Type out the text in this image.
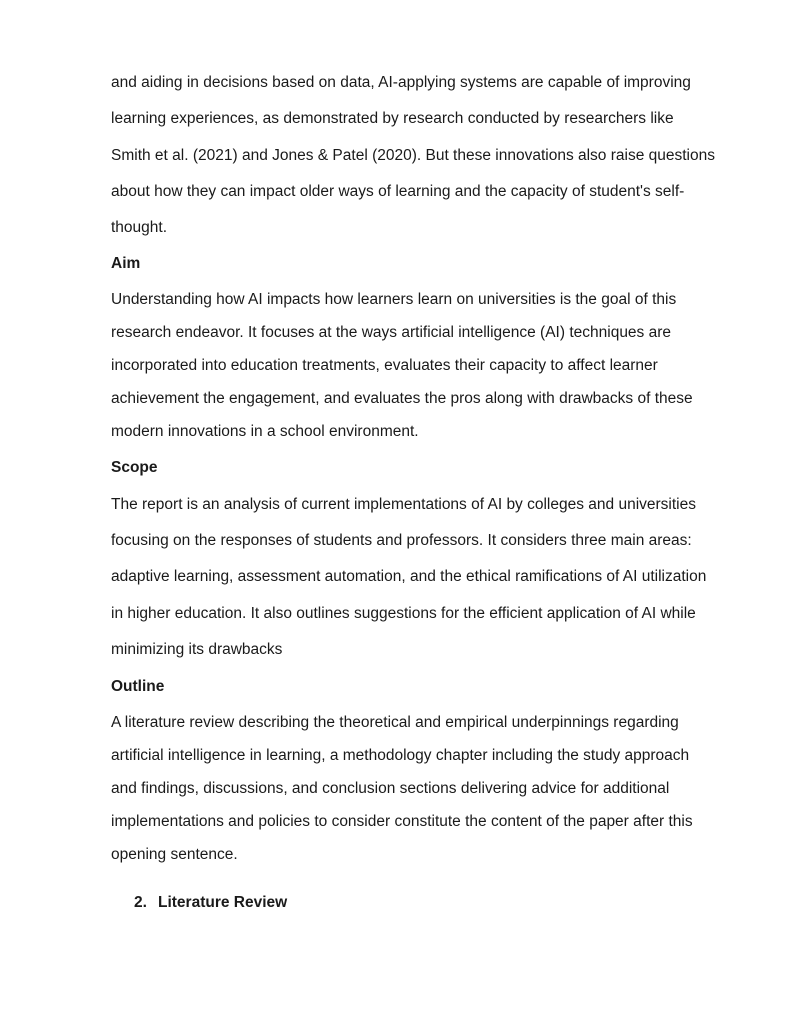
and aiding in decisions based on data, AI-applying systems are capable of improving

learning experiences, as demonstrated by research conducted by researchers like

Smith et al. (2021) and Jones & Patel (2020). But these innovations also raise questions

about how they can impact older ways of learning and the capacity of student's self-

thought.

Aim

Understanding how AI impacts how learners learn on universities is the goal of this

research endeavor. It focuses at the ways artificial intelligence (AI) techniques are

incorporated into education treatments, evaluates their capacity to affect learner

achievement the engagement, and evaluates the pros along with drawbacks of these

modern innovations in a school environment.

Scope

The report is an analysis of current implementations of AI by colleges and universities

focusing on the responses of students and professors. It considers three main areas:

adaptive learning, assessment automation, and the ethical ramifications of AI utilization

in higher education. It also outlines suggestions for the efficient application of AI while

minimizing its drawbacks

Outline

A literature review describing the theoretical and empirical underpinnings regarding

artificial intelligence in learning, a methodology chapter including the study approach

and findings, discussions, and conclusion sections delivering advice for additional

implementations and policies to consider constitute the content of the paper after this

opening sentence.

2. Literature Review
